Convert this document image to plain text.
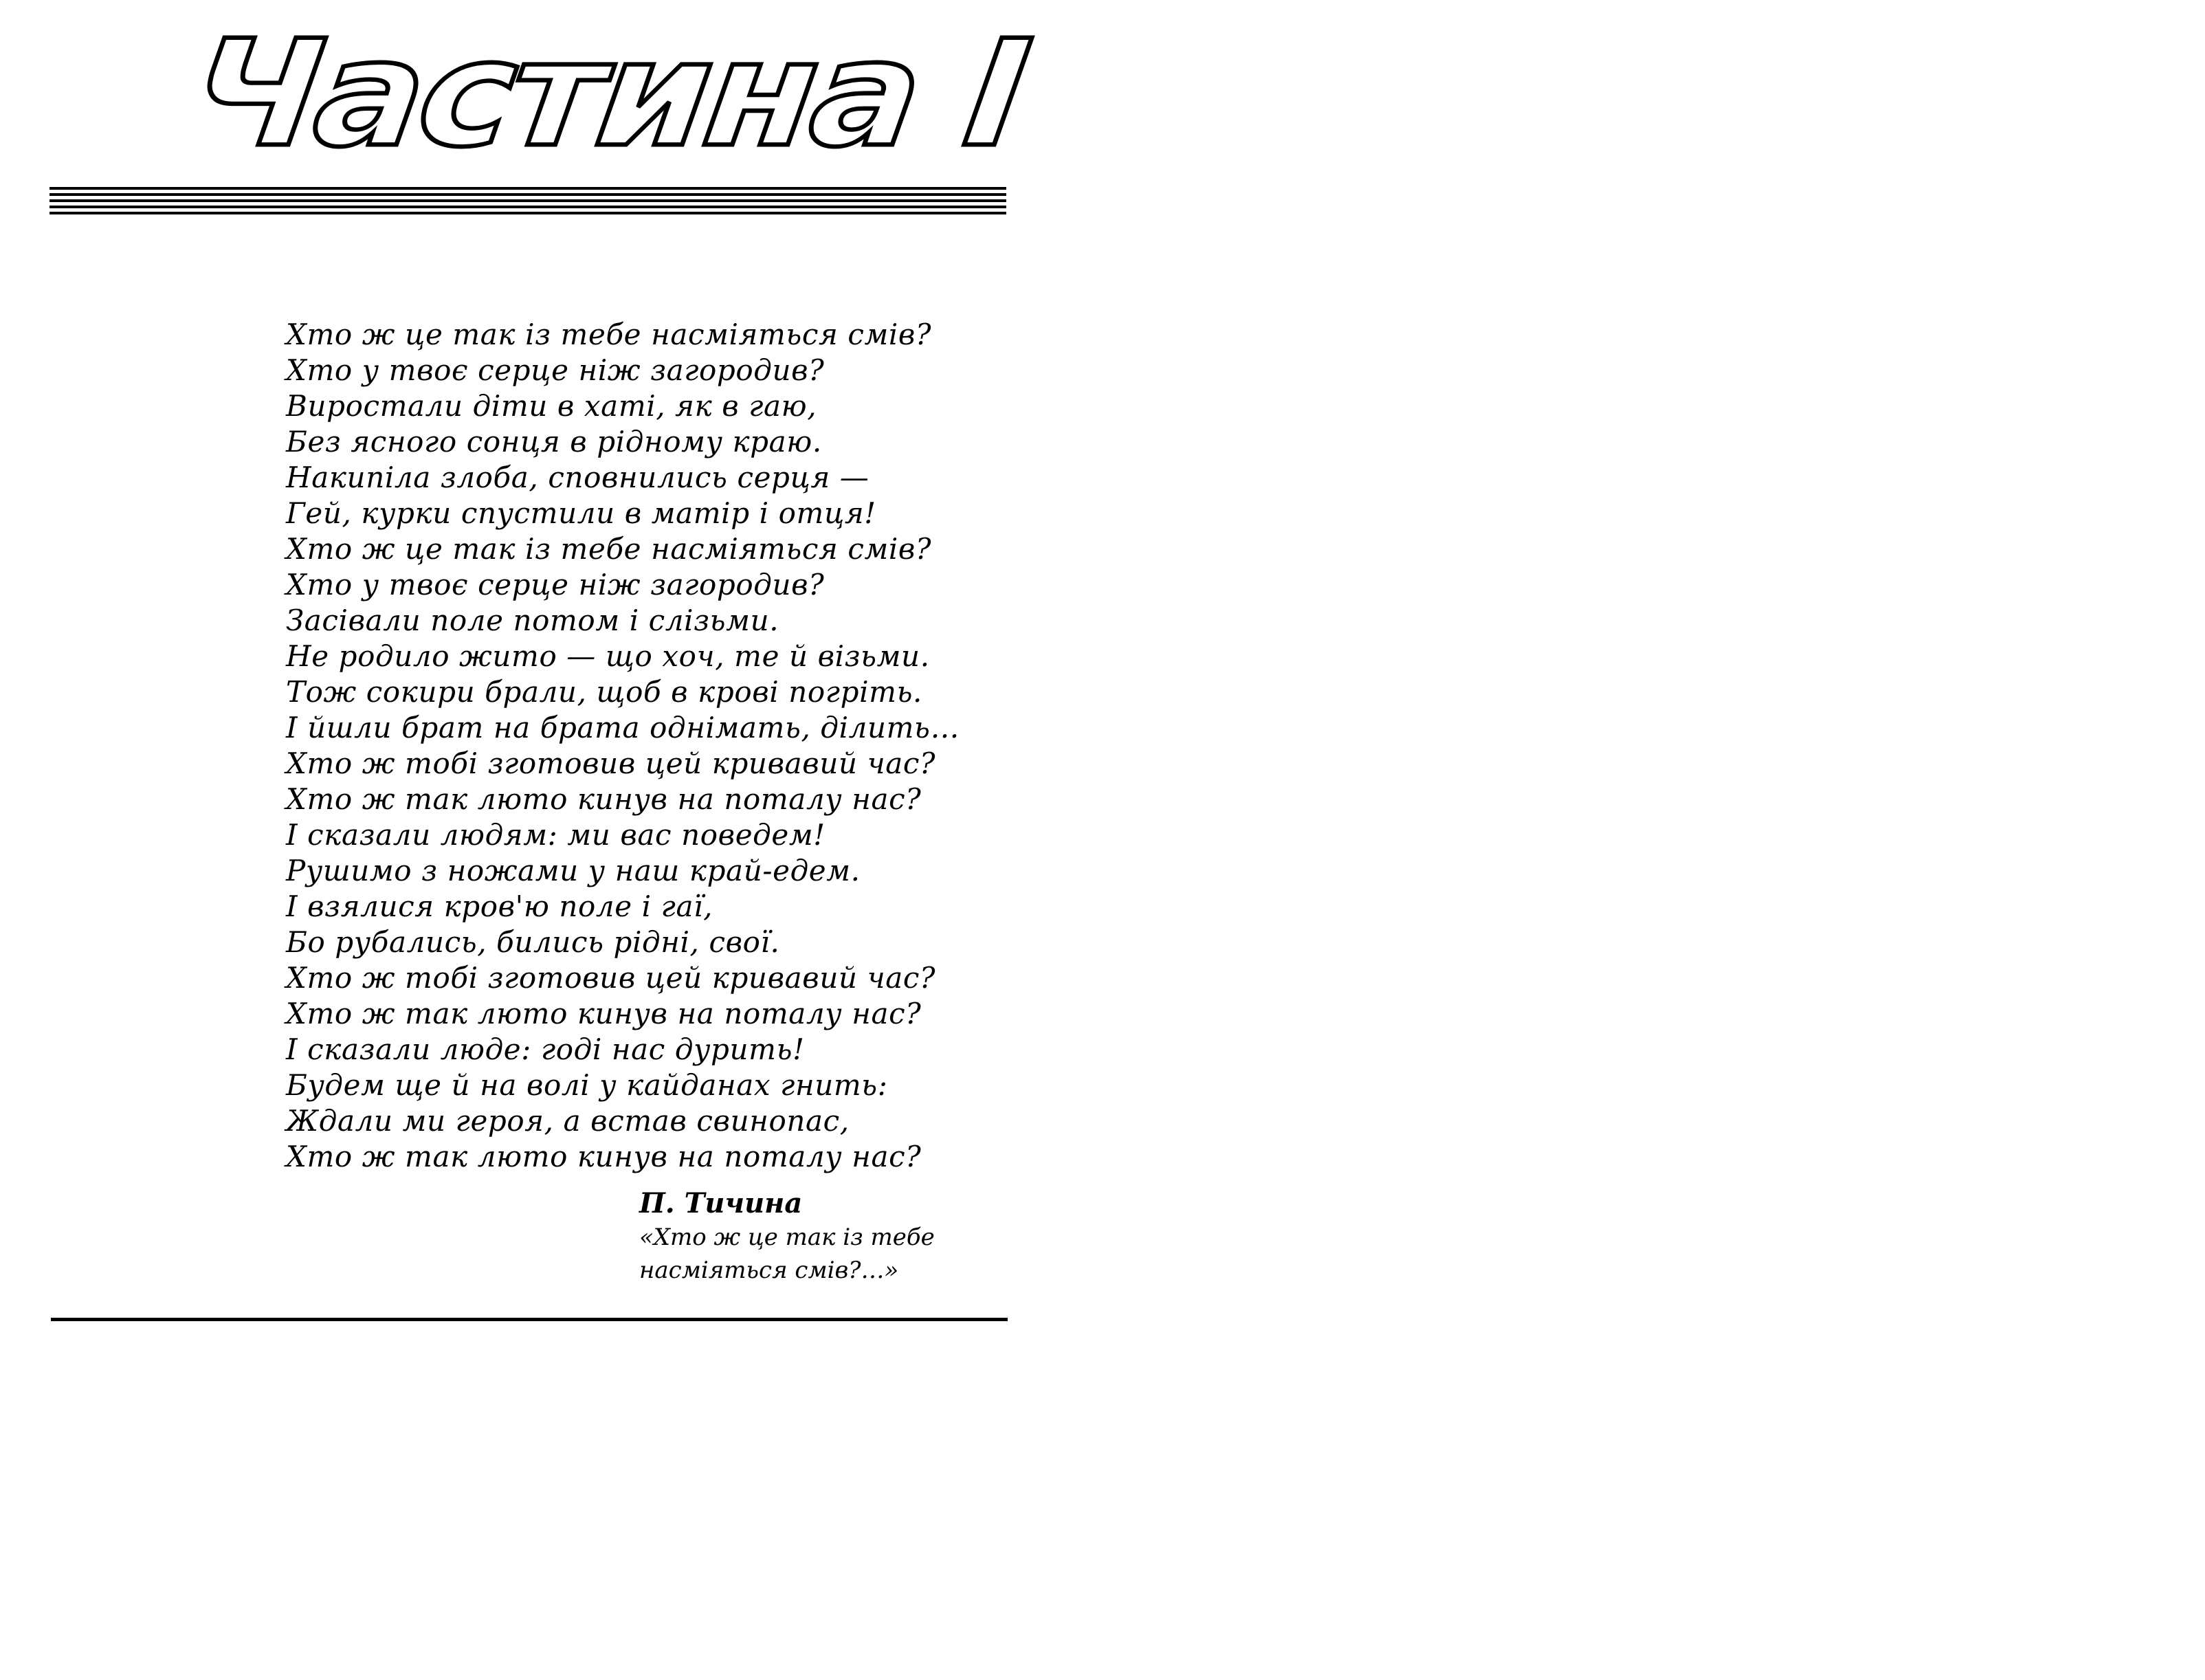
Частина I
Хто ж це так із тебе насміяться смів?
Хто у твоє серце ніж загородив?
Виростали діти в хаті, як в гаю,
Без ясного сонця в рідному краю.
Накипіла злоба, сповнились серця —
Гей, курки спустили в матір і отця!
Хто ж це так із тебе насміяться смів?
Хто у твоє серце ніж загородив?
Засівали поле потом і слізьми.
Не родило жито — що хоч, те й візьми.
Тож сокири брали, щоб в крові погріть.
І йшли брат на брата однімать, ділить…
Хто ж тобі зготовив цей кривавий час?
Хто ж так люто кинув на поталу нас?
І сказали людям: ми вас поведем!
Рушимо з ножами у наш край-едем.
І взялися кров'ю поле і гаї,
Бо рубались, бились рідні, свої.
Хто ж тобі зготовив цей кривавий час?
Хто ж так люто кинув на поталу нас?
І сказали люде: годі нас дурить!
Будем ще й на волі у кайданах гнить:
Ждали ми героя, а встав свинопас,
Хто ж так люто кинув на поталу нас?
П. Тичина
«Хто ж це так із тебе
насміяться смів?…»
